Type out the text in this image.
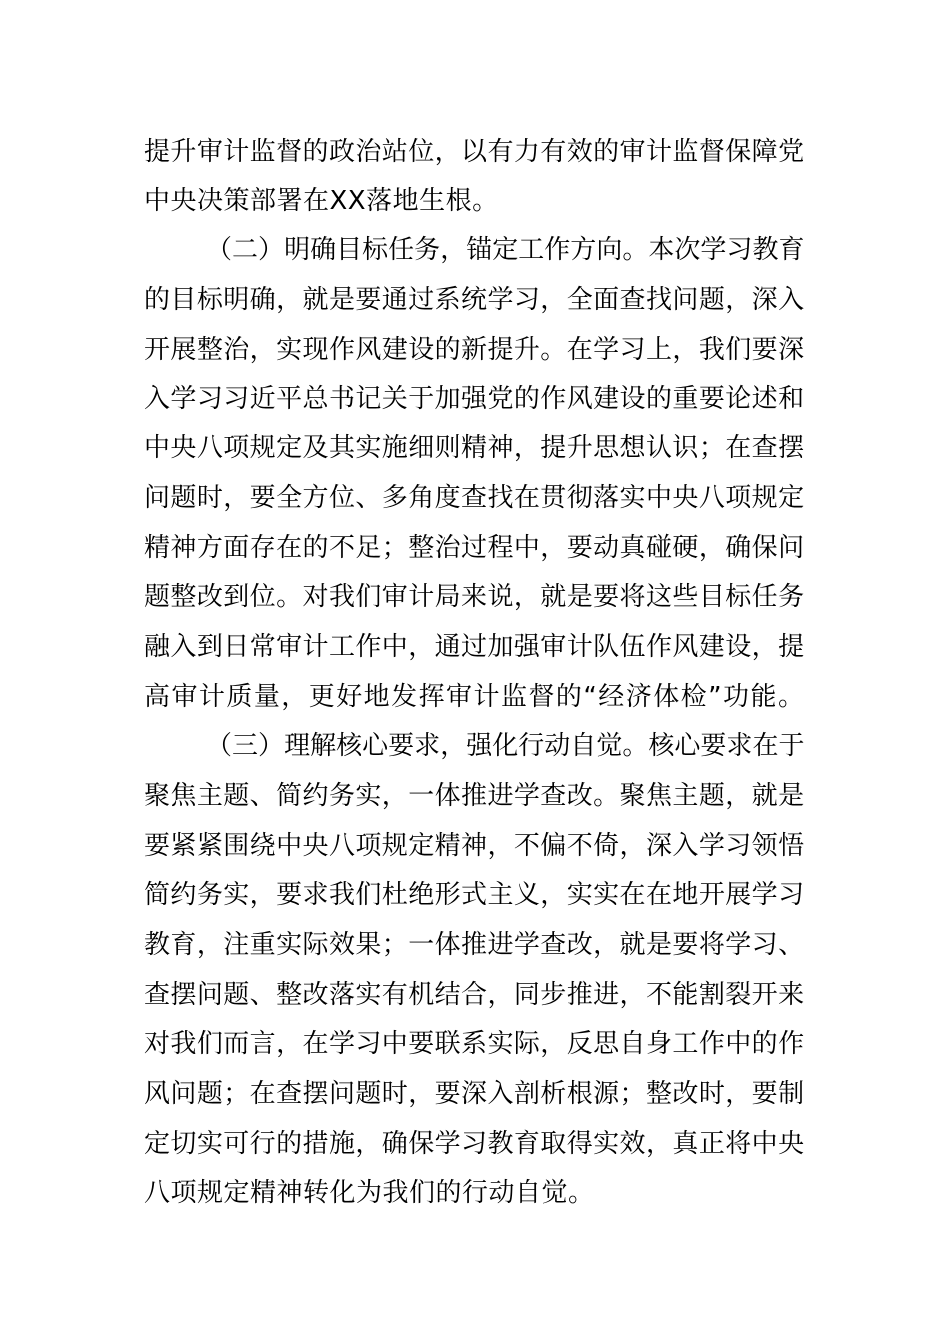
提升审计监督的政治站位，以有力有效的审计监督保障党
中央决策部署在XX落地生根。
（二）明确目标任务，锚定工作方向。本次学习教育
的目标明确，就是要通过系统学习，全面查找问题，深入
开展整治，实现作风建设的新提升。在学习上，我们要深
入学习习近平总书记关于加强党的作风建设的重要论述和
中央八项规定及其实施细则精神，提升思想认识；在查摆
问题时，要全方位、多角度查找在贯彻落实中央八项规定
精神方面存在的不足；整治过程中，要动真碰硬，确保问
题整改到位。对我们审计局来说，就是要将这些目标任务
融入到日常审计工作中，通过加强审计队伍作风建设，提
高审计质量，更好地发挥审计监督的“经济体检”功能。
（三）理解核心要求，强化行动自觉。核心要求在于
聚焦主题、简约务实，一体推进学查改。聚焦主题，就是
要紧紧围绕中央八项规定精神，不偏不倚，深入学习领悟
简约务实，要求我们杜绝形式主义，实实在在地开展学习
教育，注重实际效果；一体推进学查改，就是要将学习、
查摆问题、整改落实有机结合，同步推进，不能割裂开来
对我们而言，在学习中要联系实际，反思自身工作中的作
风问题；在查摆问题时，要深入剖析根源；整改时，要制
定切实可行的措施，确保学习教育取得实效，真正将中央
八项规定精神转化为我们的行动自觉。
